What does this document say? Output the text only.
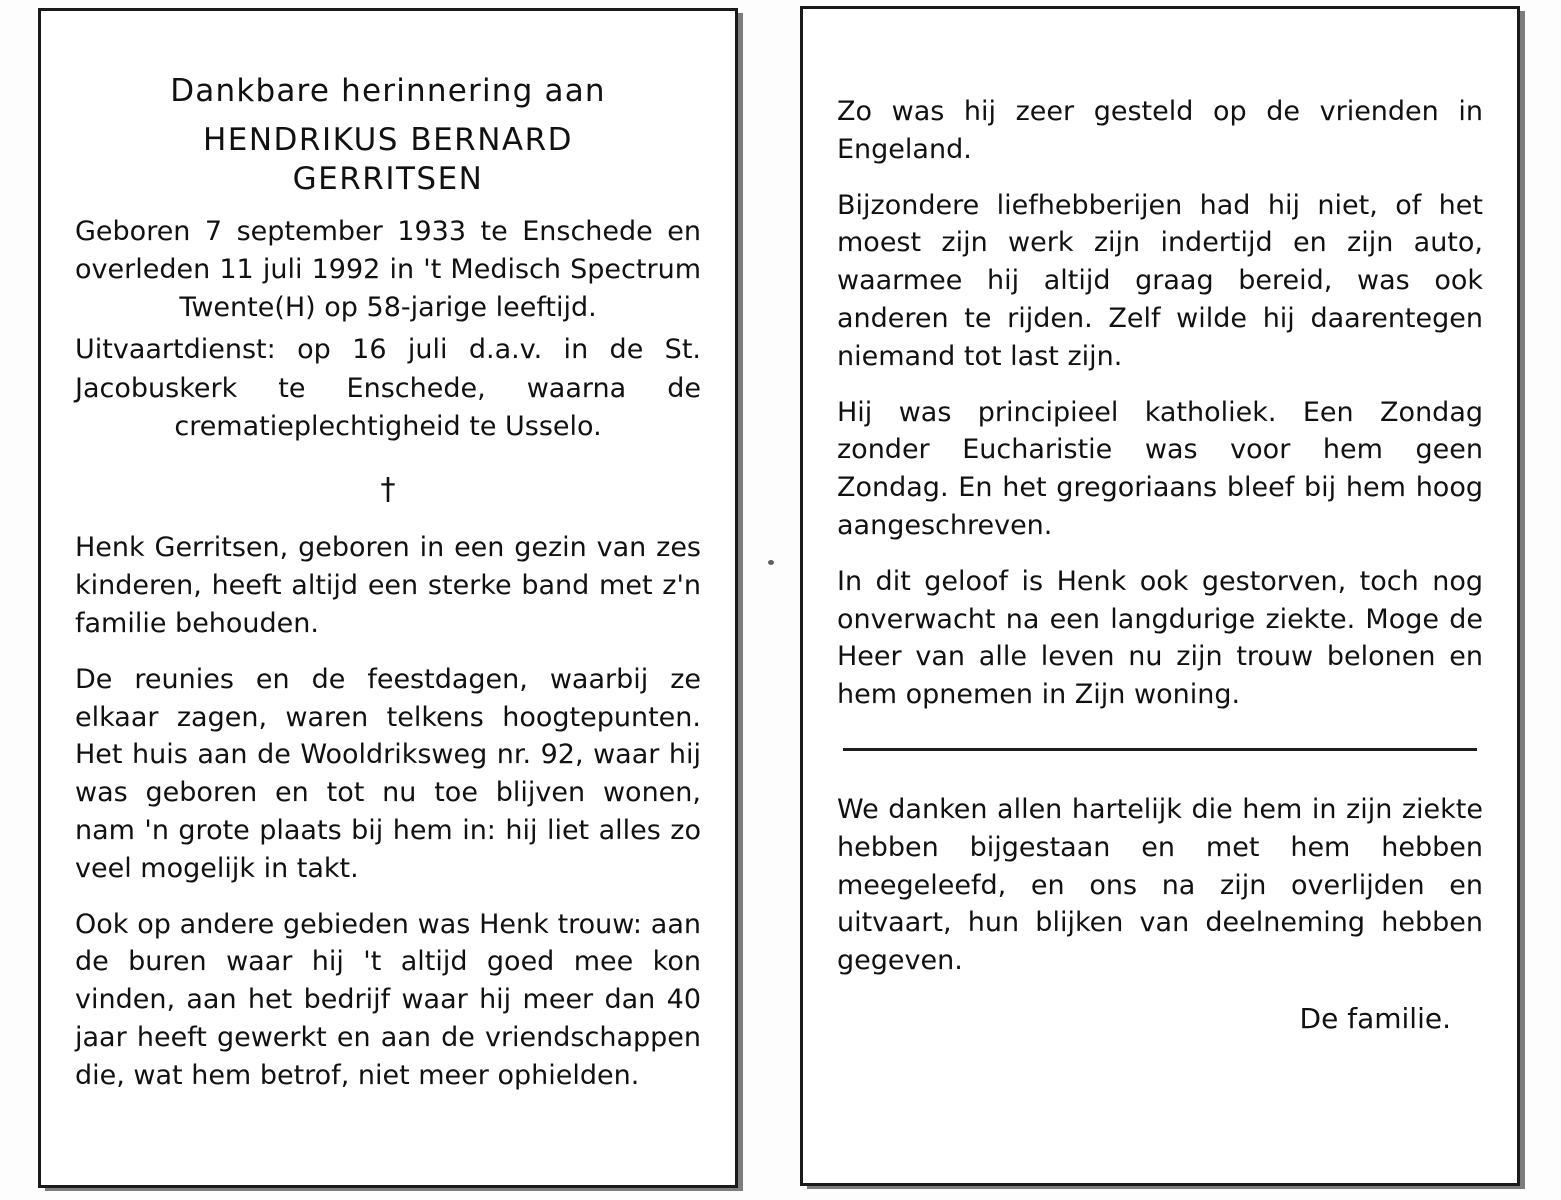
Dankbare herinnering aan
HENDRIKUS BERNARD
GERRITSEN
Geboren 7 september 1933 te Enschede en overleden 11 juli 1992 in 't Medisch Spectrum Twente(H) op 58-jarige leeftijd.
Uitvaartdienst: op 16 juli d.a.v. in de St. Jacobuskerk te Enschede, waarna de crematieplechtigheid te Usselo.
†
Henk Gerritsen, geboren in een gezin van zes kinderen, heeft altijd een sterke band met z'n familie behouden.
De reunies en de feestdagen, waarbij ze elkaar zagen, waren telkens hoogtepunten. Het huis aan de Wooldriksweg nr. 92, waar hij was geboren en tot nu toe blijven wonen, nam 'n grote plaats bij hem in: hij liet alles zo veel mogelijk in takt.
Ook op andere gebieden was Henk trouw: aan de buren waar hij 't altijd goed mee kon vinden, aan het bedrijf waar hij meer dan 40 jaar heeft gewerkt en aan de vriendschappen die, wat hem betrof, niet meer ophielden.
Zo was hij zeer gesteld op de vrienden in Engeland.
Bijzondere liefhebberijen had hij niet, of het moest zijn werk zijn indertijd en zijn auto, waarmee hij altijd graag bereid, was ook anderen te rijden. Zelf wilde hij daarentegen niemand tot last zijn.
Hij was principieel katholiek. Een Zondag zonder Eucharistie was voor hem geen Zondag. En het gregoriaans bleef bij hem hoog aangeschreven.
In dit geloof is Henk ook gestorven, toch nog onverwacht na een langdurige ziekte. Moge de Heer van alle leven nu zijn trouw belonen en hem opnemen in Zijn woning.
We danken allen hartelijk die hem in zijn ziekte hebben bijgestaan en met hem hebben meegeleefd, en ons na zijn overlijden en uitvaart, hun blijken van deelneming hebben gegeven.
De familie.
